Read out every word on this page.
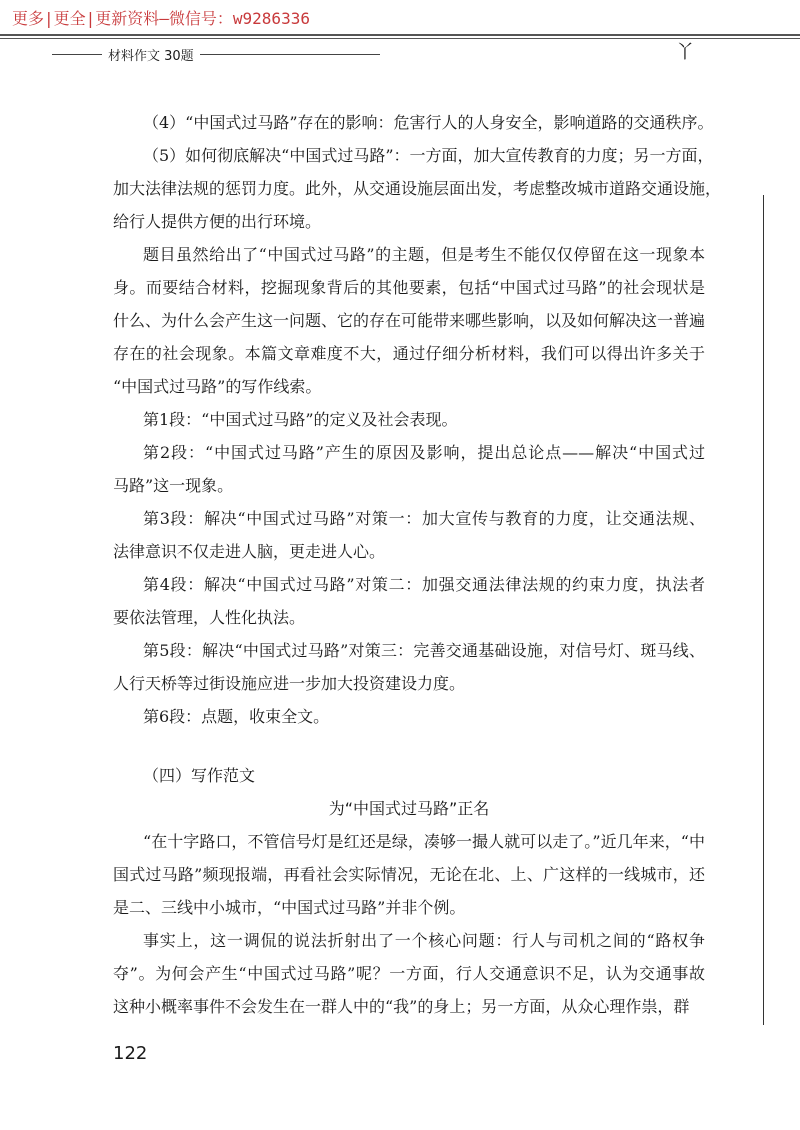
更多|更全|更新资料—微信号：w9286336
材料作文 30题	丫
（4）“中国式过马路”存在的影响：危害行人的人身安全，影响道路的交通秩序。
（5）如何彻底解决“中国式过马路”：一方面，加大宣传教育的力度；另一方面，
加大法律法规的惩罚力度。此外，从交通设施层面出发，考虑整改城市道路交通设施，
给行人提供方便的出行环境。
题目虽然给出了“中国式过马路”的主题，但是考生不能仅仅停留在这一现象本
身。而要结合材料，挖掘现象背后的其他要素，包括“中国式过马路”的社会现状是
什么、为什么会产生这一问题、它的存在可能带来哪些影响，以及如何解决这一普遍
存在的社会现象。本篇文章难度不大，通过仔细分析材料，我们可以得出许多关于
“中国式过马路”的写作线索。
第1段：“中国式过马路”的定义及社会表现。
第2段：“中国式过马路”产生的原因及影响，提出总论点——解决“中国式过
马路”这一现象。
第3段：解决“中国式过马路”对策一：加大宣传与教育的力度，让交通法规、
法律意识不仅走进人脑，更走进人心。
第4段：解决“中国式过马路”对策二：加强交通法律法规的约束力度，执法者
要依法管理，人性化执法。
第5段：解决“中国式过马路”对策三：完善交通基础设施，对信号灯、斑马线、
人行天桥等过街设施应进一步加大投资建设力度。
第6段：点题，收束全文。
（四）写作范文
为“中国式过马路”正名
“在十字路口，不管信号灯是红还是绿，凑够一撮人就可以走了。”近几年来，“中
国式过马路”频现报端，再看社会实际情况，无论在北、上、广这样的一线城市，还
是二、三线中小城市，“中国式过马路”并非个例。
事实上，这一调侃的说法折射出了一个核心问题：行人与司机之间的“路权争
夺”。为何会产生“中国式过马路”呢？一方面，行人交通意识不足，认为交通事故
这种小概率事件不会发生在一群人中的“我”的身上；另一方面，从众心理作祟，群
122
